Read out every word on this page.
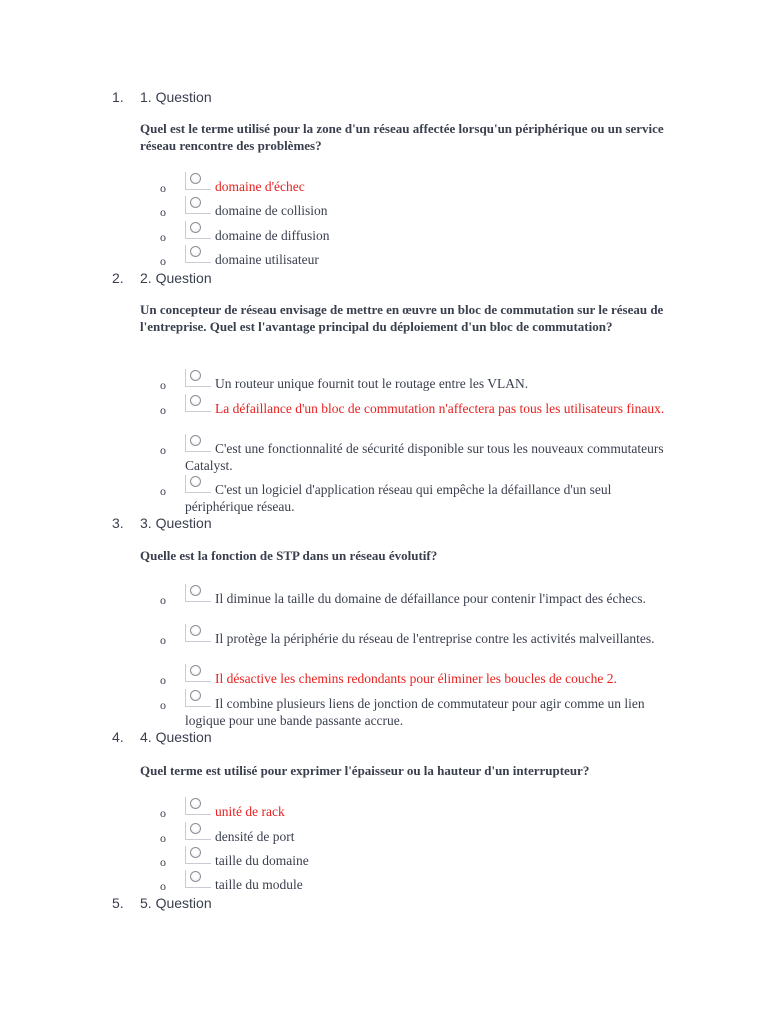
1. 1. Question
Quel est le terme utilisé pour la zone d'un réseau affectée lorsqu'un périphérique ou un service réseau rencontre des problèmes?
o	domaine d'échec
o	domaine de collision
o	domaine de diffusion
o	domaine utilisateur
2. 2. Question
Un concepteur de réseau envisage de mettre en œuvre un bloc de commutation sur le réseau de l'entreprise. Quel est l'avantage principal du déploiement d'un bloc de commutation?
o	Un routeur unique fournit tout le routage entre les VLAN.
o	La défaillance d'un bloc de commutation n'affectera pas tous les utilisateurs finaux.
o	C'est une fonctionnalité de sécurité disponible sur tous les nouveaux commutateurs Catalyst.
o	C'est un logiciel d'application réseau qui empêche la défaillance d'un seul périphérique réseau.
3. 3. Question
Quelle est la fonction de STP dans un réseau évolutif?
o	Il diminue la taille du domaine de défaillance pour contenir l'impact des échecs.
o	Il protège la périphérie du réseau de l'entreprise contre les activités malveillantes.
o	Il désactive les chemins redondants pour éliminer les boucles de couche 2.
o	Il combine plusieurs liens de jonction de commutateur pour agir comme un lien logique pour une bande passante accrue.
4. 4. Question
Quel terme est utilisé pour exprimer l'épaisseur ou la hauteur d'un interrupteur?
o	unité de rack
o	densité de port
o	taille du domaine
o	taille du module
5. 5. Question
